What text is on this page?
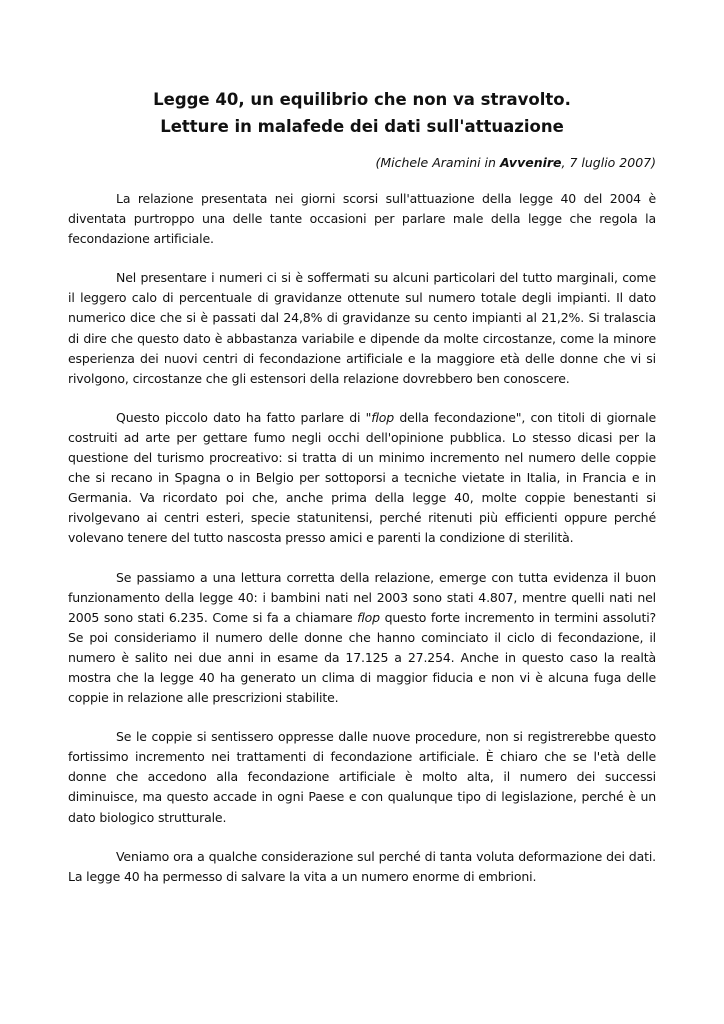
Legge 40, un equilibrio che non va stravolto.
Letture in malafede dei dati sull'attuazione

(Michele Aramini in Avvenire, 7 luglio 2007)

La relazione presentata nei giorni scorsi sull'attuazione della legge 40 del 2004 è diventata purtroppo una delle tante occasioni per parlare male della legge che regola la fecondazione artificiale.

Nel presentare i numeri ci si è soffermati su alcuni particolari del tutto marginali, come il leggero calo di percentuale di gravidanze ottenute sul numero totale degli impianti. Il dato numerico dice che si è passati dal 24,8% di gravidanze su cento impianti al 21,2%. Si tralascia di dire che questo dato è abbastanza variabile e dipende da molte circostanze, come la minore esperienza dei nuovi centri di fecondazione artificiale e la maggiore età delle donne che vi si rivolgono, circostanze che gli estensori della relazione dovrebbero ben conoscere.

Questo piccolo dato ha fatto parlare di "flop della fecondazione", con titoli di giornale costruiti ad arte per gettare fumo negli occhi dell'opinione pubblica. Lo stesso dicasi per la questione del turismo procreativo: si tratta di un minimo incremento nel numero delle coppie che si recano in Spagna o in Belgio per sottoporsi a tecniche vietate in Italia, in Francia e in Germania. Va ricordato poi che, anche prima della legge 40, molte coppie benestanti si rivolgevano ai centri esteri, specie statunitensi, perché ritenuti più efficienti oppure perché volevano tenere del tutto nascosta presso amici e parenti la condizione di sterilità.

Se passiamo a una lettura corretta della relazione, emerge con tutta evidenza il buon funzionamento della legge 40: i bambini nati nel 2003 sono stati 4.807, mentre quelli nati nel 2005 sono stati 6.235. Come si fa a chiamare flop questo forte incremento in termini assoluti? Se poi consideriamo il numero delle donne che hanno cominciato il ciclo di fecondazione, il numero è salito nei due anni in esame da 17.125 a 27.254. Anche in questo caso la realtà mostra che la legge 40 ha generato un clima di maggior fiducia e non vi è alcuna fuga delle coppie in relazione alle prescrizioni stabilite.

Se le coppie si sentissero oppresse dalle nuove procedure, non si registrerebbe questo fortissimo incremento nei trattamenti di fecondazione artificiale. È chiaro che se l'età delle donne che accedono alla fecondazione artificiale è molto alta, il numero dei successi diminuisce, ma questo accade in ogni Paese e con qualunque tipo di legislazione, perché è un dato biologico strutturale.

Veniamo ora a qualche considerazione sul perché di tanta voluta deformazione dei dati. La legge 40 ha permesso di salvare la vita a un numero enorme di embrioni.
